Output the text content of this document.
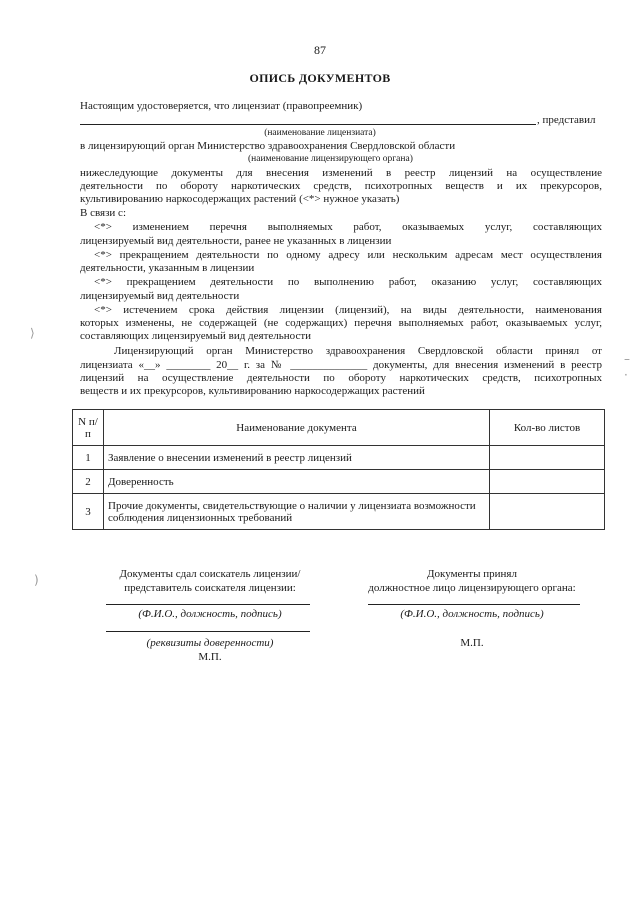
87
ОПИСЬ ДОКУМЕНТОВ
Настоящим удостоверяется, что лицензиат (правопреемник)
, представил
(наименование лицензиата)
в лицензирующий орган Министерство здравоохранения Свердловской области
(наименование лицензирующего органа)
нижеследующие документы для внесения изменений в реестр лицензий на осуществление
деятельности по обороту наркотических средств, психотропных веществ и их прекурсоров,
культивированию наркосодержащих растений (<*> нужное указать)
В связи с:
<*> изменением перечня выполняемых работ, оказываемых услуг, составляющих
лицензируемый вид деятельности, ранее не указанных в лицензии
<*> прекращением деятельности по одному адресу или нескольким адресам мест осуществления
деятельности, указанным в лицензии
<*> прекращением деятельности по выполнению работ, оказанию услуг, составляющих
лицензируемый вид деятельности
<*> истечением срока действия лицензии (лицензий), на виды деятельности, наименования
которых изменены, не содержащей (не содержащих) перечня выполняемых работ, оказываемых услуг,
составляющих лицензируемый вид деятельности
Лицензирующий орган Министерство здравоохранения Свердловской области принял от
лицензиата «__» ________ 20__ г. за № ______________ документы, для внесения изменений в реестр
лицензий на осуществление деятельности по обороту наркотических средств, психотропных
веществ и их прекурсоров, культивированию наркосодержащих растений
N п/п	Наименование документа	Кол-во листов
1	Заявление о внесении изменений в реестр лицензий	
2	Доверенность	
3	Прочие документы, свидетельствующие о наличии у лицензиата возможности соблюдения лицензионных требований	
Документы сдал соискатель лицензии/
представитель соискателя лицензии:
(Ф.И.О., должность, подпись)
(реквизиты доверенности)
М.П.
Документы принял
должностное лицо лицензирующего органа:
(Ф.И.О., должность, подпись)
М.П.
⟩
)
–
·
